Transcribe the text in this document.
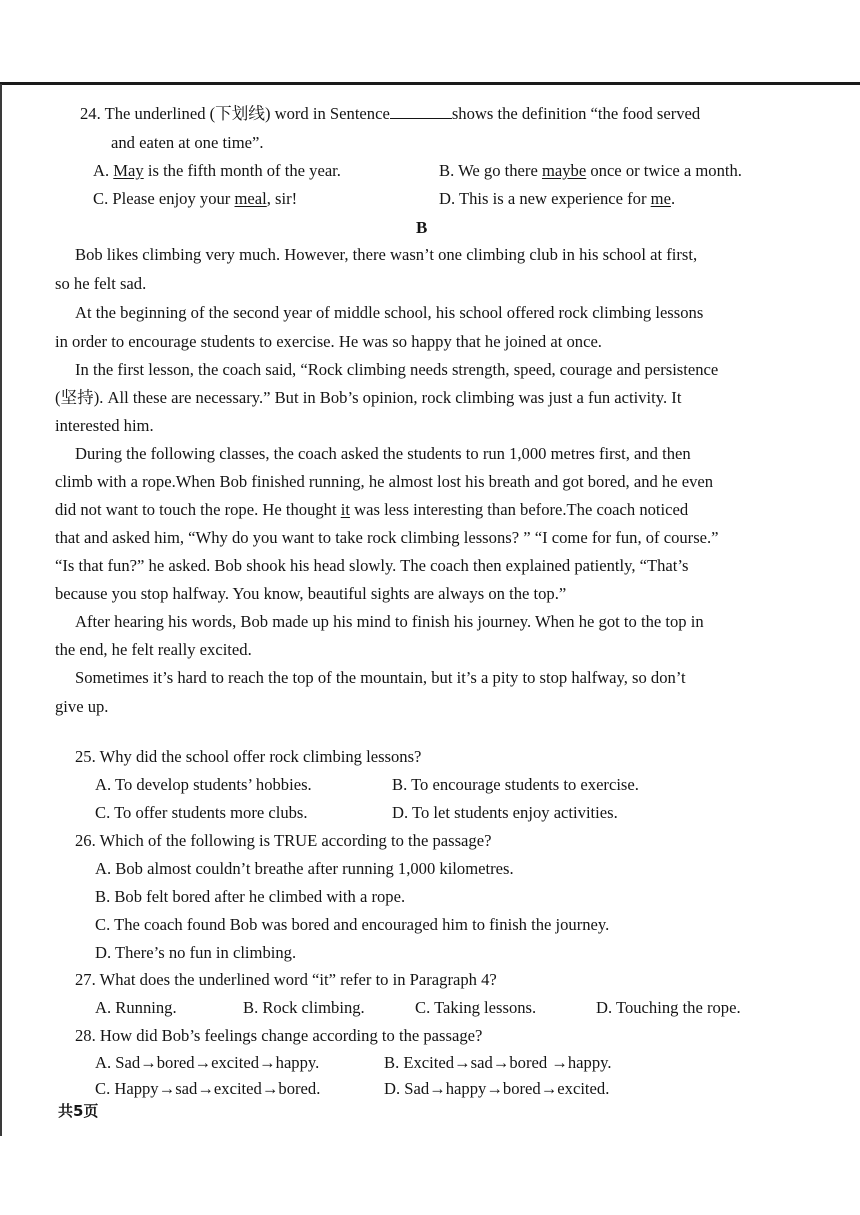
24. The underlined (下划线) word in Sentence	shows the definition “the food served
and eaten at one time”.
A. May is the fifth month of the year.	B. We go there maybe once or twice a month.
C. Please enjoy your meal, sir!	D. This is a new experience for me.
B
Bob likes climbing very much. However, there wasn’t one climbing club in his school at first,
so he felt sad.
At the beginning of the second year of middle school, his school offered rock climbing lessons
in order to encourage students to exercise. He was so happy that he joined at once.
In the first lesson, the coach said, “Rock climbing needs strength, speed, courage and persistence
(坚持). All these are necessary.” But in Bob’s opinion, rock climbing was just a fun activity. It
interested him.
During the following classes, the coach asked the students to run 1,000 metres first, and then
climb with a rope.When Bob finished running, he almost lost his breath and got bored, and he even
did not want to touch the rope. He thought it was less interesting than before.The coach noticed
that and asked him, “Why do you want to take rock climbing lessons? ” “I come for fun, of course.”
“Is that fun?” he asked. Bob shook his head slowly. The coach then explained patiently, “That’s
because you stop halfway. You know, beautiful sights are always on the top.”
After hearing his words, Bob made up his mind to finish his journey. When he got to the top in
the end, he felt really excited.
Sometimes it’s hard to reach the top of the mountain, but it’s a pity to stop halfway, so don’t
give up.
25. Why did the school offer rock climbing lessons?
A. To develop students’ hobbies.	B. To encourage students to exercise.
C. To offer students more clubs.	D. To let students enjoy activities.
26. Which of the following is TRUE according to the passage?
A. Bob almost couldn’t breathe after running 1,000 kilometres.
B. Bob felt bored after he climbed with a rope.
C. The coach found Bob was bored and encouraged him to finish the journey.
D. There’s no fun in climbing.
27. What does the underlined word “it” refer to in Paragraph 4?
A. Running.	B. Rock climbing.	C. Taking lessons.	D. Touching the rope.
28. How did Bob’s feelings change according to the passage?
A. Sad→bored→excited→happy.	B. Excited→sad→bored →happy.
C. Happy→sad→excited→bored.	D. Sad→happy→bored→excited.
共5页
